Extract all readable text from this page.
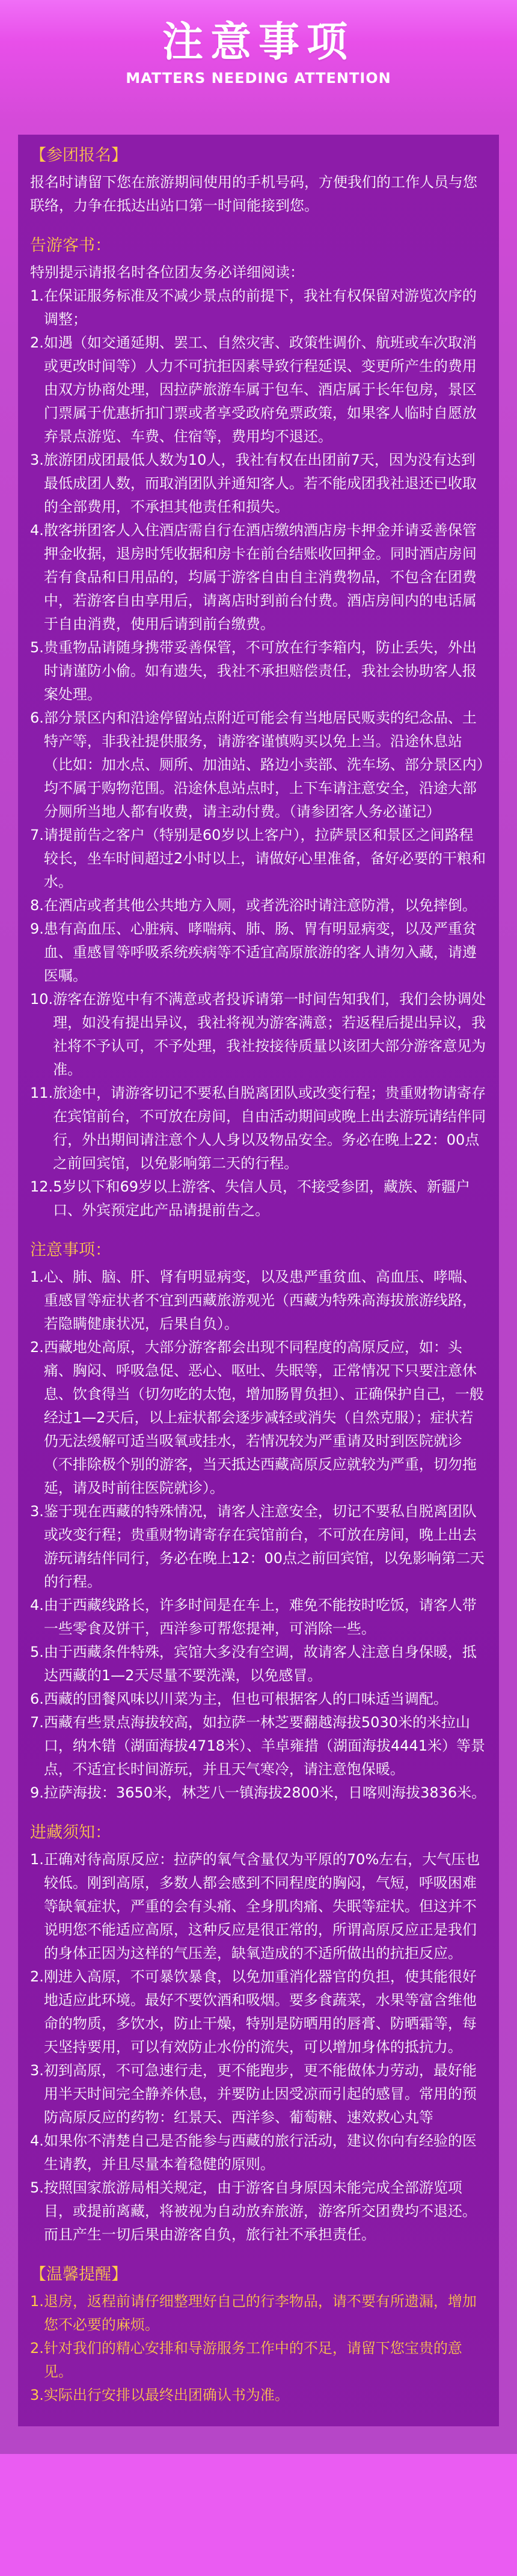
注意事项
MATTERS NEEDING ATTENTION
【参团报名】
报名时请留下您在旅游期间使用的手机号码，方便我们的工作人员与您联络，力争在抵达出站口第一时间能接到您。
告游客书：
特别提示请报名时各位团友务必详细阅读：
1. 在保证服务标准及不减少景点的前提下，我社有权保留对游览次序的调整；
2. 如遇（如交通延期、罢工、自然灾害、政策性调价、航班或车次取消或更改时间等）人力不可抗拒因素导致行程延误、变更所产生的费用由双方协商处理，因拉萨旅游车属于包车、酒店属于长年包房，景区门票属于优惠折扣门票或者享受政府免票政策，如果客人临时自愿放弃景点游览、车费、住宿等，费用均不退还。
3. 旅游团成团最低人数为10人，我社有权在出团前7天，因为没有达到最低成团人数，而取消团队并通知客人。若不能成团我社退还已收取的全部费用，不承担其他责任和损失。
4. 散客拼团客人入住酒店需自行在酒店缴纳酒店房卡押金并请妥善保管押金收据，退房时凭收据和房卡在前台结账收回押金。同时酒店房间若有食品和日用品的，均属于游客自由自主消费物品，不包含在团费中，若游客自由享用后，请离店时到前台付费。酒店房间内的电话属于自由消费，使用后请到前台缴费。
5. 贵重物品请随身携带妥善保管，不可放在行李箱内，防止丢失，外出时请谨防小偷。如有遗失，我社不承担赔偿责任，我社会协助客人报案处理。
6. 部分景区内和沿途停留站点附近可能会有当地居民贩卖的纪念品、土特产等，非我社提供服务，请游客谨慎购买以免上当。沿途休息站（比如：加水点、厕所、加油站、路边小卖部、洗车场、部分景区内）均不属于购物范围。沿途休息站点时，上下车请注意安全，沿途大部分厕所当地人都有收费，请主动付费。（请参团客人务必谨记）
7. 请提前告之客户（特别是60岁以上客户），拉萨景区和景区之间路程较长，坐车时间超过2小时以上，请做好心里准备，备好必要的干粮和水。
8. 在酒店或者其他公共地方入厕，或者洗浴时请注意防滑，以免摔倒。
9. 患有高血压、心脏病、哮喘病、肺、肠、胃有明显病变，以及严重贫血、重感冒等呼吸系统疾病等不适宜高原旅游的客人请勿入藏，请遵医嘱。
10. 游客在游览中有不满意或者投诉请第一时间告知我们，我们会协调处理，如没有提出异议，我社将视为游客满意；若返程后提出异议，我社将不予认可，不予处理，我社按接待质量以该团大部分游客意见为准。
11. 旅途中，请游客切记不要私自脱离团队或改变行程；贵重财物请寄存在宾馆前台，不可放在房间，自由活动期间或晚上出去游玩请结伴同行，外出期间请注意个人人身以及物品安全。务必在晚上22：00点之前回宾馆，以免影响第二天的行程。
12. 5岁以下和69岁以上游客、失信人员，不接受参团，藏族、新疆户口、外宾预定此产品请提前告之。
注意事项：
1. 心、肺、脑、肝、肾有明显病变，以及患严重贫血、高血压、哮喘、重感冒等症状者不宜到西藏旅游观光（西藏为特殊高海拔旅游线路，若隐瞒健康状况，后果自负）。
2. 西藏地处高原，大部分游客都会出现不同程度的高原反应，如：头痛、胸闷、呼吸急促、恶心、呕吐、失眠等，正常情况下只要注意休息、饮食得当（切勿吃的太饱，增加肠胃负担）、正确保护自己，一般经过1—2天后，以上症状都会逐步减轻或消失（自然克服）；症状若仍无法缓解可适当吸氧或挂水，若情况较为严重请及时到医院就诊（不排除极个别的游客，当天抵达西藏高原反应就较为严重，切勿拖延，请及时前往医院就诊）。
3. 鉴于现在西藏的特殊情况，请客人注意安全，切记不要私自脱离团队或改变行程；贵重财物请寄存在宾馆前台，不可放在房间，晚上出去游玩请结伴同行，务必在晚上12：00点之前回宾馆，以免影响第二天的行程。
4. 由于西藏线路长，许多时间是在车上，难免不能按时吃饭，请客人带一些零食及饼干，西洋参可帮您提神，可消除一些。
5. 由于西藏条件特殊，宾馆大多没有空调，故请客人注意自身保暖，抵达西藏的1—2天尽量不要洗澡，以免感冒。
6. 西藏的団餐风味以川菜为主，但也可根据客人的口味适当调配。
7. 西藏有些景点海拔较高，如拉萨一林芝要翻越海拔5030米的米拉山口，纳木错（湖面海拔4718米）、羊卓雍措（湖面海拔4441米）等景点，不适宜长时间游玩，并且天气寒冷，请注意饱保暖。
9. 拉萨海拔：3650米，林芝八一镇海拔2800米，日喀则海拔3836米。
进藏须知：
1. 正确对待高原反应：拉萨的氧气含量仅为平原的70%左右，大气压也较低。刚到高原，多数人都会感到不同程度的胸闷，气短，呼吸困难等缺氧症状，严重的会有头痛、全身肌肉痛、失眠等症状。但这并不说明您不能适应高原，这种反应是很正常的，所谓高原反应正是我们的身体正因为这样的气压差，缺氧造成的不适所做出的抗拒反应。
2. 刚进入高原，不可暴饮暴食，以免加重消化器官的负担，使其能很好地适应此环境。最好不要饮酒和吸烟。要多食蔬菜，水果等富含维他命的物质，多饮水，防止干燥，特别是防晒用的唇膏、防晒霜等，每天坚持要用，可以有效防止水份的流失，可以增加身体的抵抗力。
3. 初到高原，不可急速行走，更不能跑步，更不能做体力劳动，最好能用半天时间完全静养休息，并要防止因受凉而引起的感冒。常用的预防高原反应的药物：红景天、西洋参、葡萄糖、速效救心丸等
4. 如果你不清楚自己是否能参与西藏的旅行活动，建议你向有经验的医生请教，并且尽量本着稳健的原则。
5. 按照国家旅游局相关规定，由于游客自身原因未能完成全部游览项目，或提前离藏，将被视为自动放弃旅游，游客所交团费均不退还。而且产生一切后果由游客自负，旅行社不承担责任。
【温馨提醒】
1. 退房，返程前请仔细整理好自己的行李物品，请不要有所遗漏，增加您不必要的麻烦。
2. 针对我们的精心安排和导游服务工作中的不足，请留下您宝贵的意见。
3. 实际出行安排以最终出团确认书为准。
